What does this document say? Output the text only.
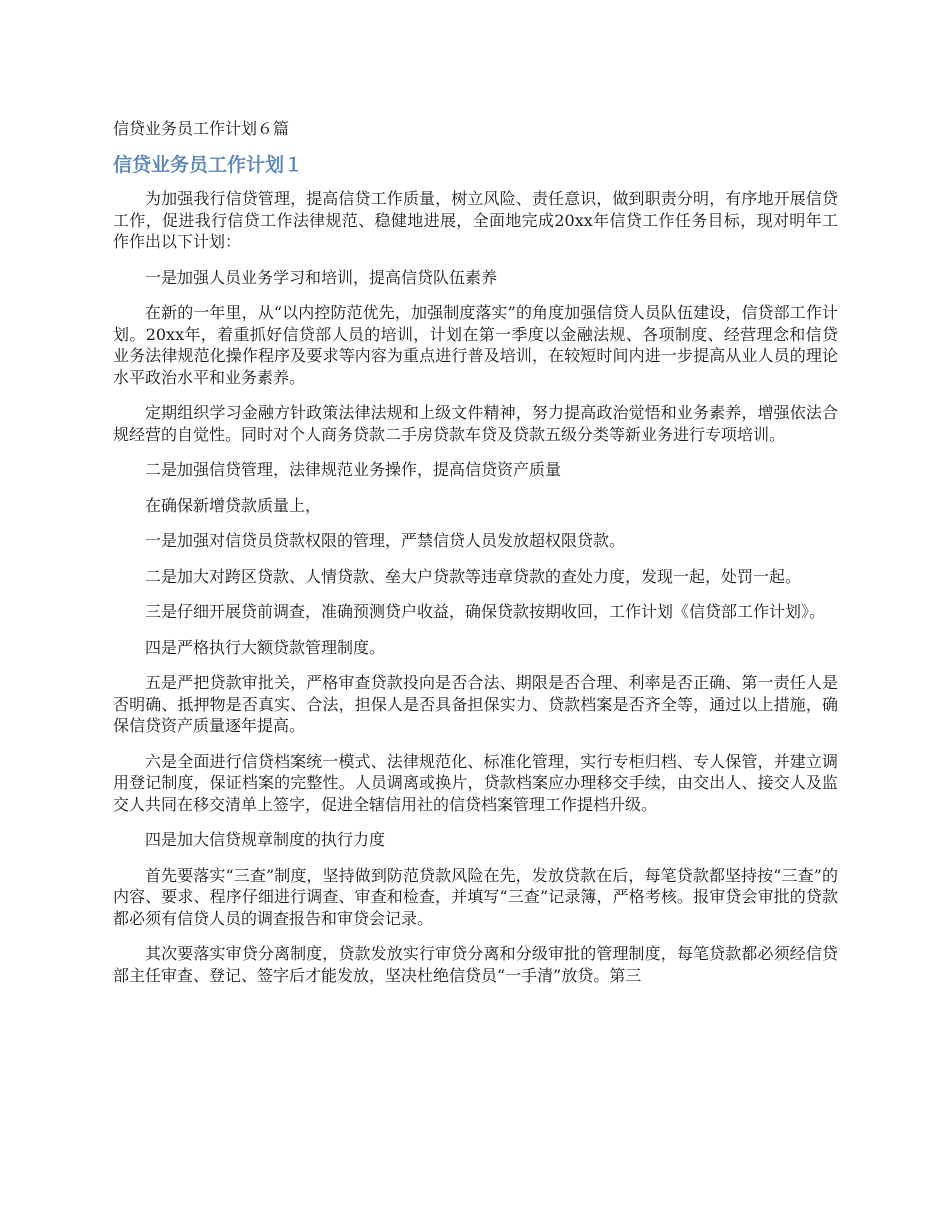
信贷业务员工作计划６篇
信贷业务员工作计划１

为加强我行信贷管理，提高信贷工作质量，树立风险、责任意识，做到职责分明，有序地开展信贷工作，促进我行信贷工作法律规范、稳健地进展，全面地完成20xx年信贷工作任务目标，现对明年工作作出以下计划：

一是加强人员业务学习和培训，提高信贷队伍素养

在新的一年里，从“以内控防范优先，加强制度落实”的角度加强信贷人员队伍建设，信贷部工作计划。20xx年，着重抓好信贷部人员的培训，计划在第一季度以金融法规、各项制度、经营理念和信贷业务法律规范化操作程序及要求等内容为重点进行普及培训，在较短时间内进一步提高从业人员的理论水平政治水平和业务素养。

定期组织学习金融方针政策法律法规和上级文件精神，努力提高政治觉悟和业务素养，增强依法合规经营的自觉性。同时对个人商务贷款二手房贷款车贷及贷款五级分类等新业务进行专项培训。

二是加强信贷管理，法律规范业务操作，提高信贷资产质量

在确保新增贷款质量上，

一是加强对信贷员贷款权限的管理，严禁信贷人员发放超权限贷款。

二是加大对跨区贷款、人情贷款、垒大户贷款等违章贷款的查处力度，发现一起，处罚一起。

三是仔细开展贷前调查，准确预测贷户收益，确保贷款按期收回，工作计划《信贷部工作计划》。

四是严格执行大额贷款管理制度。

五是严把贷款审批关，严格审查贷款投向是否合法、期限是否合理、利率是否正确、第一责任人是否明确、抵押物是否真实、合法，担保人是否具备担保实力、贷款档案是否齐全等，通过以上措施，确保信贷资产质量逐年提高。

六是全面进行信贷档案统一模式、法律规范化、标准化管理，实行专柜归档、专人保管，并建立调用登记制度，保证档案的完整性。人员调离或换片，贷款档案应办理移交手续，由交出人、接交人及监交人共同在移交清单上签字，促进全辖信用社的信贷档案管理工作提档升级。

四是加大信贷规章制度的执行力度

首先要落实“三查”制度，坚持做到防范贷款风险在先，发放贷款在后，每笔贷款都坚持按“三查”的内容、要求、程序仔细进行调查、审查和检查，并填写“三查”记录簿，严格考核。报审贷会审批的贷款都必须有信贷人员的调查报告和审贷会记录。

其次要落实审贷分离制度，贷款发放实行审贷分离和分级审批的管理制度，每笔贷款都必须经信贷部主任审查、登记、签字后才能发放，坚决杜绝信贷员“一手清”放贷。第三
